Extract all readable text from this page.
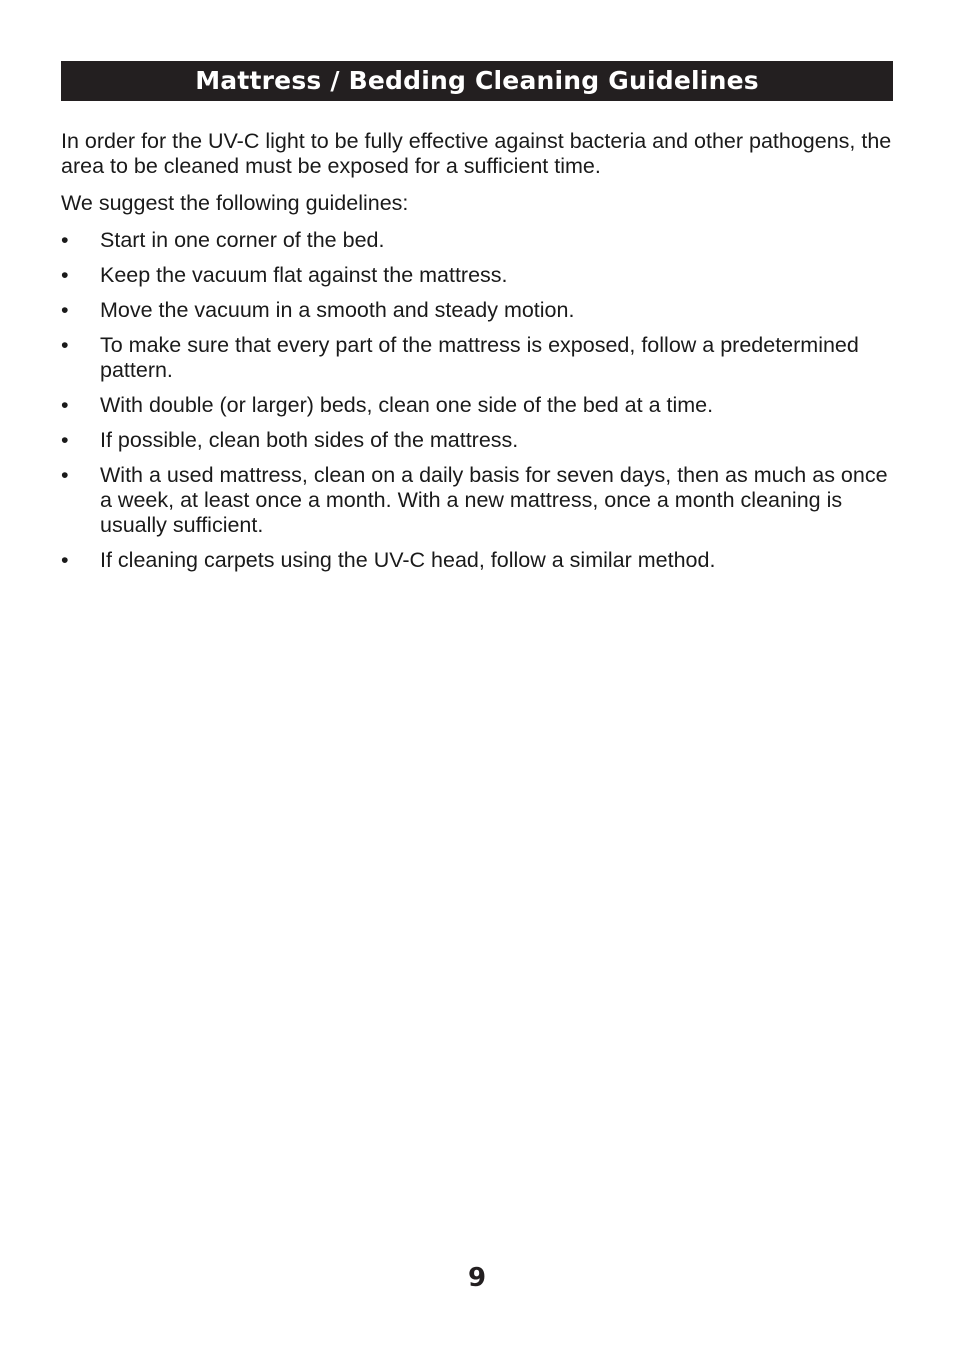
Mattress / Bedding Cleaning Guidelines

In order for the UV-C light to be fully effective against bacteria and other pathogens, the area to be cleaned must be exposed for a sufficient time.

We suggest the following guidelines:

•	Start in one corner of the bed.
•	Keep the vacuum flat against the mattress.
•	Move the vacuum in a smooth and steady motion.
•	To make sure that every part of the mattress is exposed, follow a predetermined pattern.
•	With double (or larger) beds, clean one side of the bed at a time.
•	If possible, clean both sides of the mattress.
•	With a used mattress, clean on a daily basis for seven days, then as much as once a week, at least once a month. With a new mattress, once a month cleaning is usually sufficient.
•	If cleaning carpets using the UV-C head, follow a similar method.
9
